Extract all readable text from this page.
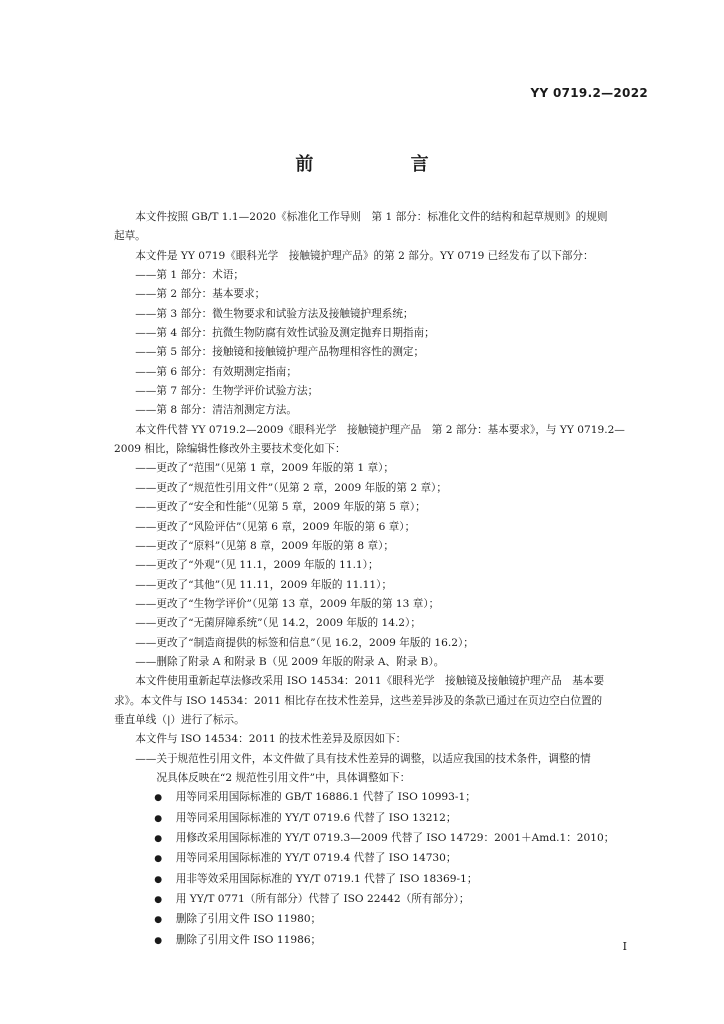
YY 0719.2—2022
前　言

本文件按照 GB/T 1.1—2020《标准化工作导则　第 1 部分：标准化文件的结构和起草规则》的规则

起草。

本文件是 YY 0719《眼科光学　接触镜护理产品》的第 2 部分。YY 0719 已经发布了以下部分：

——第 1 部分：术语；

——第 2 部分：基本要求；

——第 3 部分：微生物要求和试验方法及接触镜护理系统；

——第 4 部分：抗微生物防腐有效性试验及测定抛弃日期指南；

——第 5 部分：接触镜和接触镜护理产品物理相容性的测定；

——第 6 部分：有效期测定指南；

——第 7 部分：生物学评价试验方法；

——第 8 部分：清洁剂测定方法。

本文件代替 YY 0719.2—2009《眼科光学　接触镜护理产品　第 2 部分：基本要求》，与 YY 0719.2—

2009 相比，除编辑性修改外主要技术变化如下：

——更改了“范围”（见第 1 章，2009 年版的第 1 章）；

——更改了“规范性引用文件”（见第 2 章，2009 年版的第 2 章）；

——更改了“安全和性能”（见第 5 章，2009 年版的第 5 章）；

——更改了“风险评估”（见第 6 章，2009 年版的第 6 章）；

——更改了“原料”（见第 8 章，2009 年版的第 8 章）；

——更改了“外观”（见 11.1，2009 年版的 11.1）；

——更改了“其他”（见 11.11，2009 年版的 11.11）；

——更改了“生物学评价”（见第 13 章，2009 年版的第 13 章）；

——更改了“无菌屏障系统”（见 14.2，2009 年版的 14.2）；

——更改了“制造商提供的标签和信息”（见 16.2，2009 年版的 16.2）；

——删除了附录 A 和附录 B（见 2009 年版的附录 A、附录 B）。

本文件使用重新起草法修改采用 ISO 14534：2011《眼科光学　接触镜及接触镜护理产品　基本要

求》。本文件与 ISO 14534：2011 相比存在技术性差异，这些差异涉及的条款已通过在页边空白位置的

垂直单线（|）进行了标示。

本文件与 ISO 14534：2011 的技术性差异及原因如下：

——关于规范性引用文件，本文件做了具有技术性差异的调整，以适应我国的技术条件，调整的情

况具体反映在“2 规范性引用文件”中，具体调整如下：

● 用等同采用国际标准的 GB/T 16886.1 代替了 ISO 10993-1；
● 用等同采用国际标准的 YY/T 0719.6 代替了 ISO 13212；
● 用修改采用国际标准的 YY/T 0719.3—2009 代替了 ISO 14729：2001＋Amd.1：2010；
● 用等同采用国际标准的 YY/T 0719.4 代替了 ISO 14730；
● 用非等效采用国际标准的 YY/T 0719.1 代替了 ISO 18369-1；
● 用 YY/T 0771（所有部分）代替了 ISO 22442（所有部分）；
● 删除了引用文件 ISO 11980；
● 删除了引用文件 ISO 11986；
I
